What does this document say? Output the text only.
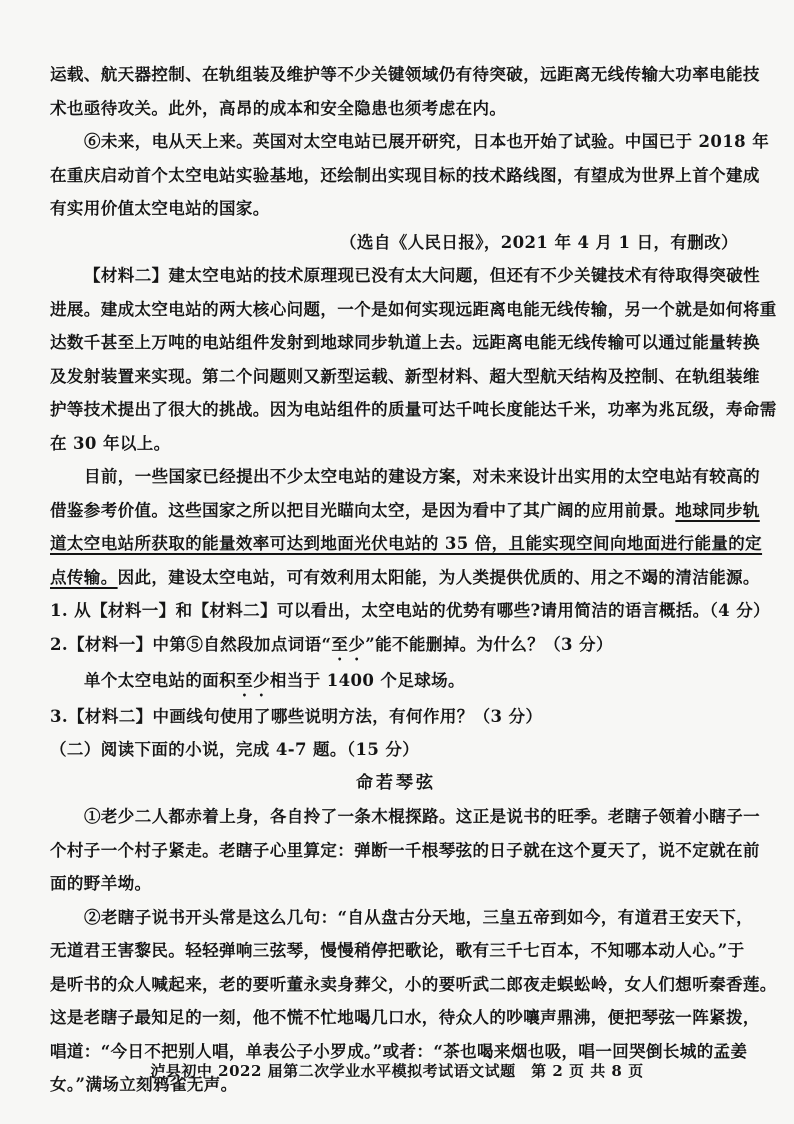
运载、航天器控制、在轨组装及维护等不少关键领域仍有待突破，远距离无线传输大功率电能技
术也亟待攻关。此外，高昂的成本和安全隐患也须考虑在内。
⑥未来，电从天上来。英国对太空电站已展开研究，日本也开始了试验。中国已于 2018 年
在重庆启动首个太空电站实验基地，还绘制出实现目标的技术路线图，有望成为世界上首个建成
有实用价值太空电站的国家。
（选自《人民日报》，2021 年 4 月 1 日，有删改）
【材料二】建太空电站的技术原理现已没有太大问题，但还有不少关键技术有待取得突破性
进展。建成太空电站的两大核心问题，一个是如何实现远距离电能无线传输，另一个就是如何将重
达数千甚至上万吨的电站组件发射到地球同步轨道上去。远距离电能无线传输可以通过能量转换
及发射装置来实现。第二个问题则又新型运载、新型材料、超大型航天结构及控制、在轨组装维
护等技术提出了很大的挑战。因为电站组件的质量可达千吨长度能达千米，功率为兆瓦级，寿命需
在 30 年以上。
目前，一些国家已经提出不少太空电站的建设方案，对未来设计出实用的太空电站有较高的
借鉴参考价值。这些国家之所以把目光瞄向太空，是因为看中了其广阔的应用前景。地球同步轨
道太空电站所获取的能量效率可达到地面光伏电站的 35 倍，且能实现空间向地面进行能量的定
点传输。因此，建设太空电站，可有效利用太阳能，为人类提供优质的、用之不竭的清洁能源。
1. 从【材料一】和【材料二】可以看出，太空电站的优势有哪些?请用简洁的语言概括。（4 分）
2.【材料一】中第⑤自然段加点词语“至少”能不能删掉。为什么？（3 分）
单个太空电站的面积至少相当于 1400 个足球场。
3.【材料二】中画线句使用了哪些说明方法，有何作用？（3 分）
（二）阅读下面的小说，完成 4-7 题。（15 分）
命若琴弦
①老少二人都赤着上身，各自拎了一条木棍探路。这正是说书的旺季。老瞎子领着小瞎子一
个村子一个村子紧走。老瞎子心里算定：弹断一千根琴弦的日子就在这个夏天了，说不定就在前
面的野羊坳。
②老瞎子说书开头常是这么几句：“自从盘古分天地，三皇五帝到如今，有道君王安天下，
无道君王害黎民。轻轻弹响三弦琴，慢慢稍停把歌论，歌有三千七百本，不知哪本动人心。”于
是听书的众人喊起来，老的要听董永卖身葬父，小的要听武二郎夜走蜈蚣岭，女人们想听秦香莲。
这是老瞎子最知足的一刻，他不慌不忙地喝几口水，待众人的吵嚷声鼎沸，便把琴弦一阵紧拨，
唱道：“今日不把别人唱，单表公子小罗成。”或者：“茶也喝来烟也吸，唱一回哭倒长城的孟姜
女。”满场立刻鸦雀无声。
泸县初中 2022 届第二次学业水平模拟考试语文试题　第 2 页 共 8 页
